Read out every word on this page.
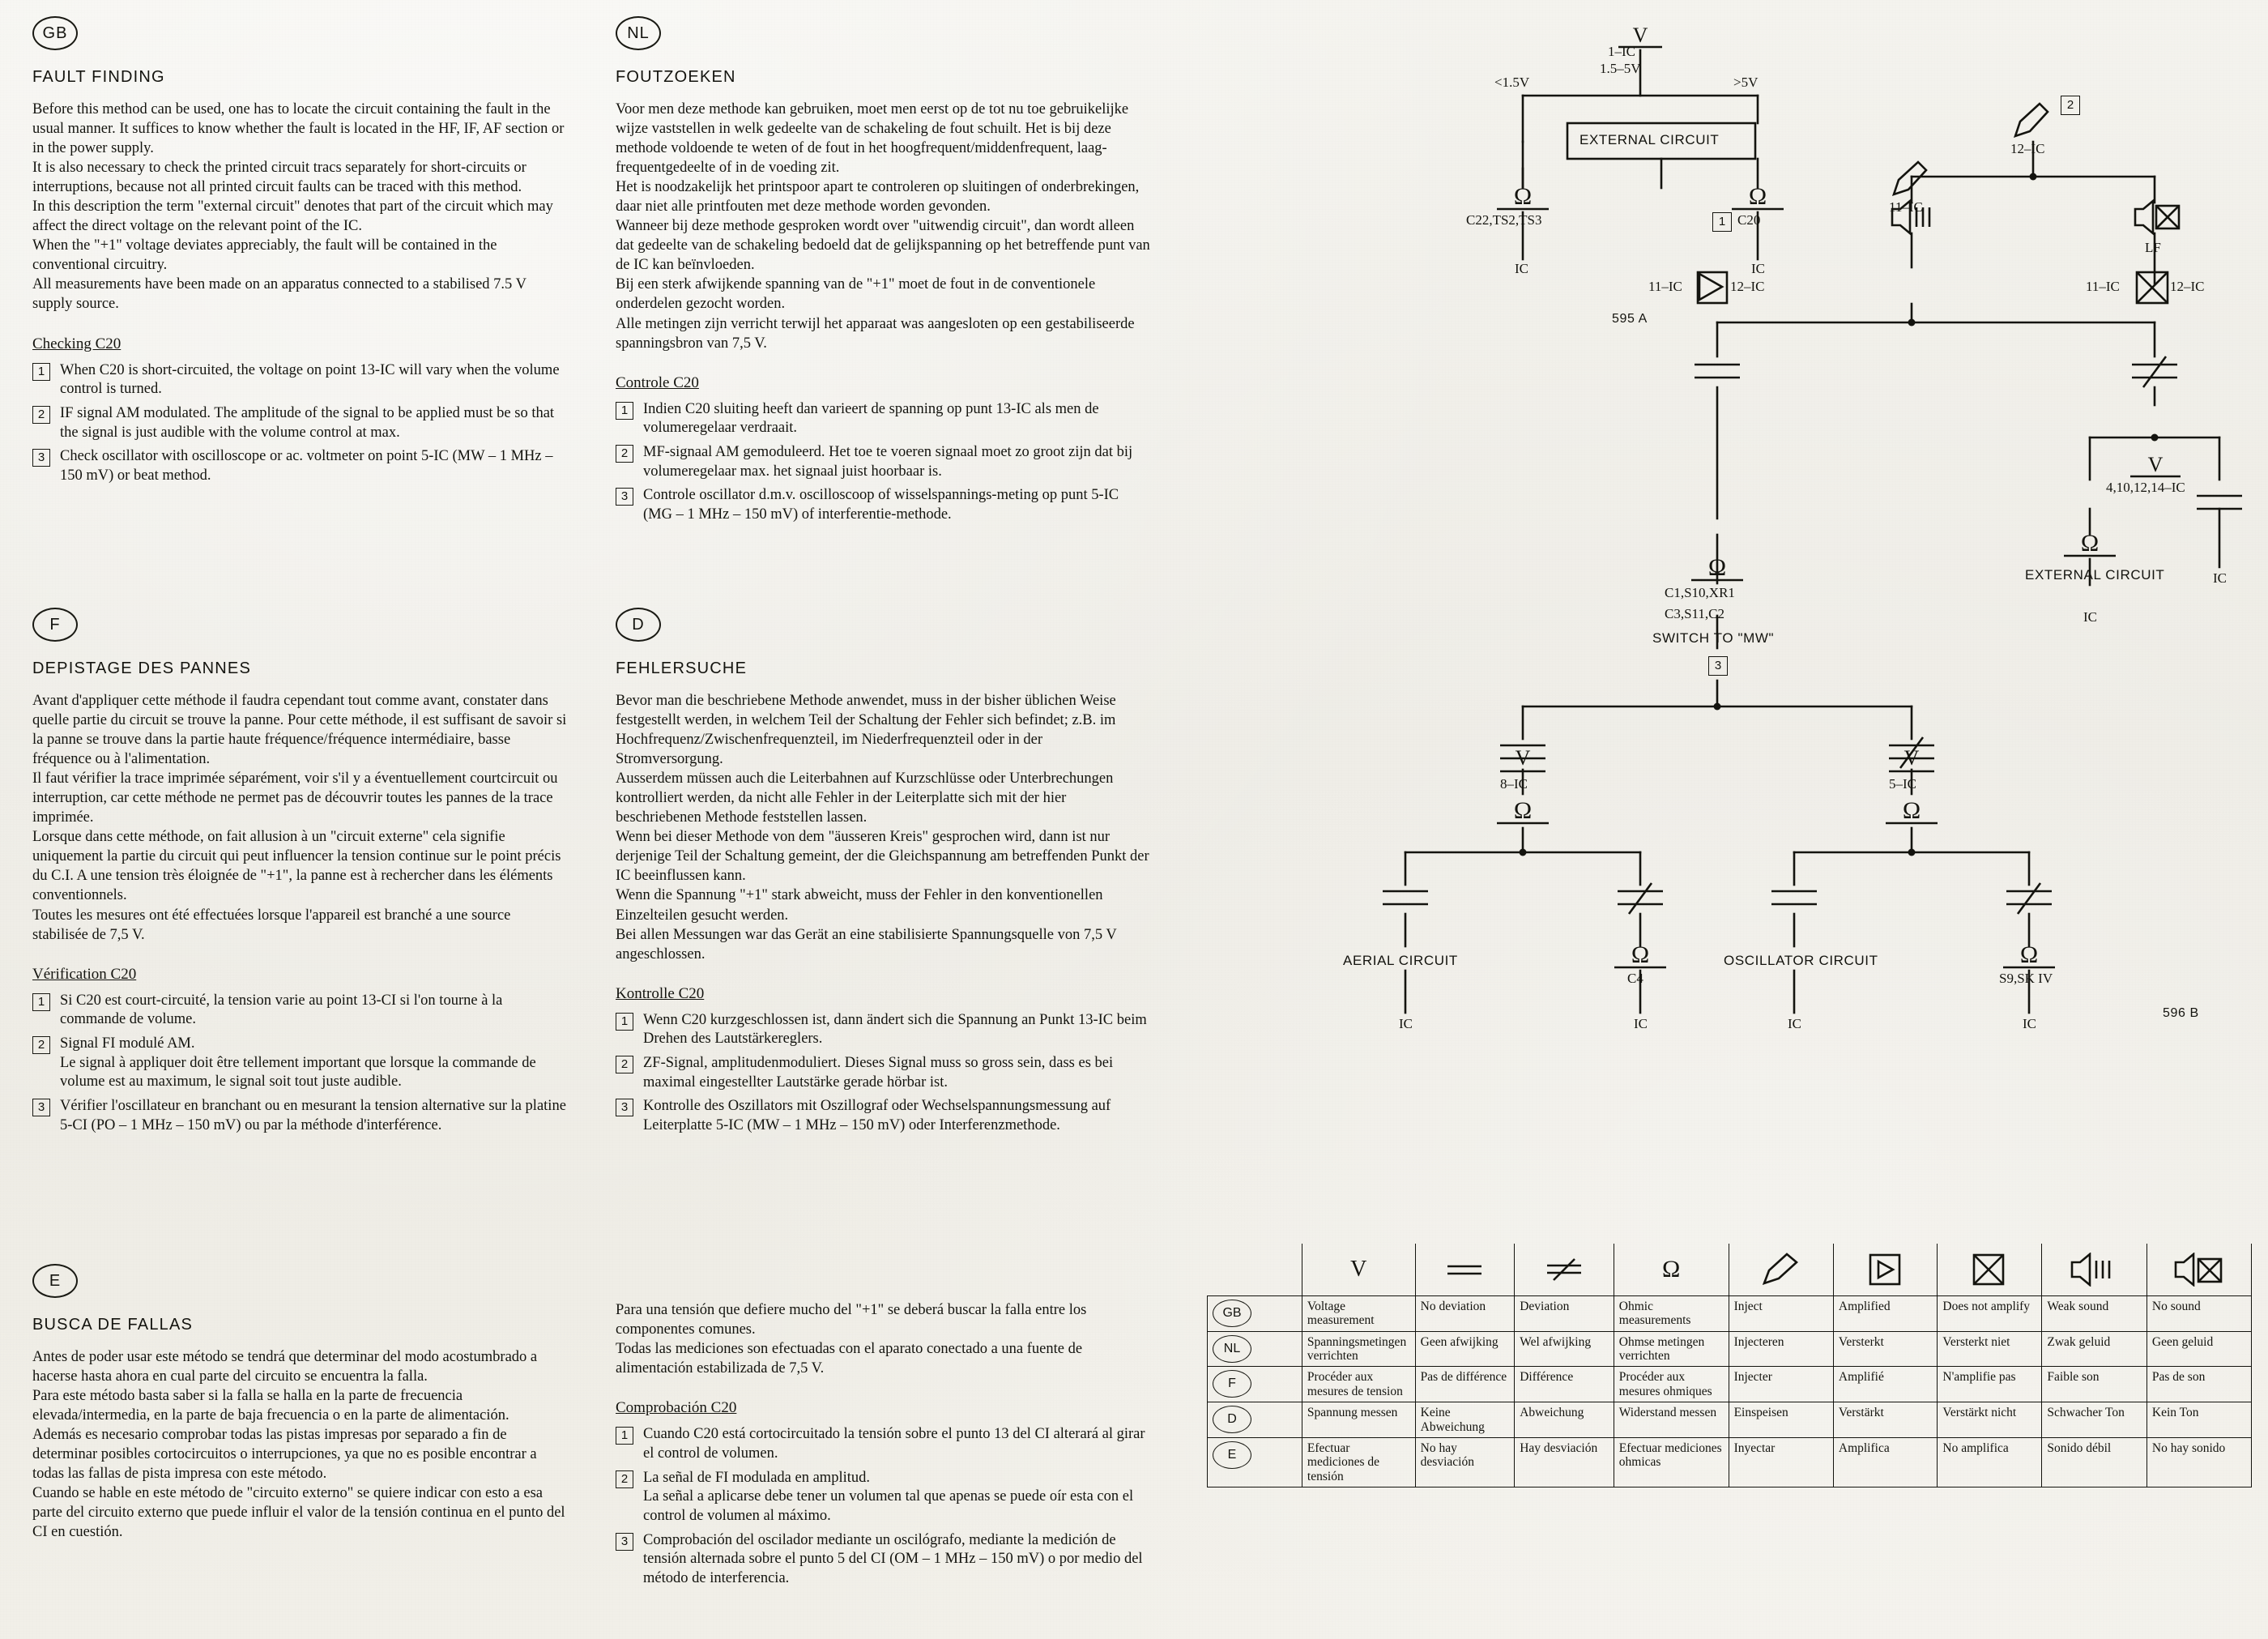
GB
FAULT FINDING

Before this method can be used, one has to locate the circuit containing the fault in the usual manner. It suffices to know whether the fault is located in the HF, IF, AF section or in the power supply.
It is also necessary to check the printed circuit tracs separately for short-circuits or interruptions, because not all printed circuit faults can be traced with this method.
In this description the term "external circuit" denotes that part of the circuit which may affect the direct voltage on the relevant point of the IC.
When the "+1" voltage deviates appreciably, the fault will be contained in the conventional circuitry.
All measurements have been made on an apparatus connected to a stabilised 7.5 V supply source.

Checking C20
1	When C20 is short-circuited, the voltage on point 13-IC will vary when the volume control is turned.
2	IF signal AM modulated. The amplitude of the signal to be applied must be so that the signal is just audible with the volume control at max.
3	Check oscillator with oscilloscope or ac. voltmeter on point 5-IC (MW – 1 MHz – 150 mV) or beat method.
NL
FOUTZOEKEN

Voor men deze methode kan gebruiken, moet men eerst op de tot nu toe gebruikelijke wijze vaststellen in welk gedeelte van de schakeling de fout schuilt. Het is bij deze methode voldoende te weten of de fout in het hoogfrequent/middenfrequent, laag-frequentgedeelte of in de voeding zit.
Het is noodzakelijk het printspoor apart te controleren op sluitingen of onderbrekingen, daar niet alle printfouten met deze methode worden gevonden.
Wanneer bij deze methode gesproken wordt over "uitwendig circuit", dan wordt alleen dat gedeelte van de schakeling bedoeld dat de gelijkspanning op het betreffende punt van de IC kan beïnvloeden.
Bij een sterk afwijkende spanning van de "+1" moet de fout in de conventionele onderdelen gezocht worden.
Alle metingen zijn verricht terwijl het apparaat was aangesloten op een gestabiliseerde spanningsbron van 7,5 V.

Controle C20
1	Indien C20 sluiting heeft dan varieert de spanning op punt 13-IC als men de volumeregelaar verdraait.
2	MF-signaal AM gemoduleerd. Het toe te voeren signaal moet zo groot zijn dat bij volumeregelaar max. het signaal juist hoorbaar is.
3	Controle oscillator d.m.v. oscilloscoop of wisselspannings-meting op punt 5-IC (MG – 1 MHz – 150 mV) of interferentie-methode.
F
DEPISTAGE DES PANNES

Avant d'appliquer cette méthode il faudra cependant tout comme avant, constater dans quelle partie du circuit se trouve la panne. Pour cette méthode, il est suffisant de savoir si la panne se trouve dans la partie haute fréquence/fréquence intermédiaire, basse fréquence ou à l'alimentation.
Il faut vérifier la trace imprimée séparément, voir s'il y a éventuellement courtcircuit ou interruption, car cette méthode ne permet pas de découvrir toutes les pannes de la trace imprimée.
Lorsque dans cette méthode, on fait allusion à un "circuit externe" cela signifie uniquement la partie du circuit qui peut influencer la tension continue sur le point précis du C.I. A une tension très éloignée de "+1", la panne est à rechercher dans les éléments conventionnels.
Toutes les mesures ont été effectuées lorsque l'appareil est branché a une source stabilisée de 7,5 V.

Vérification C20
1	Si C20 est court-circuité, la tension varie au point 13-CI si l'on tourne à la commande de volume.
2	Signal FI modulé AM.
Le signal à appliquer doit être tellement important que lorsque la commande de volume est au maximum, le signal soit tout juste audible.
3	Vérifier l'oscillateur en branchant ou en mesurant la tension alternative sur la platine 5-CI (PO – 1 MHz – 150 mV) ou par la méthode d'interférence.
D
FEHLERSUCHE

Bevor man die beschriebene Methode anwendet, muss in der bisher üblichen Weise festgestellt werden, in welchem Teil der Schaltung der Fehler sich befindet; z.B. im Hochfrequenz/Zwischenfrequenzteil, im Niederfrequenzteil oder in der Stromversorgung.
Ausserdem müssen auch die Leiterbahnen auf Kurzschlüsse oder Unterbrechungen kontrolliert werden, da nicht alle Fehler in der Leiterplatte sich mit der hier beschriebenen Methode feststellen lassen.
Wenn bei dieser Methode von dem "äusseren Kreis" gesprochen wird, dann ist nur derjenige Teil der Schaltung gemeint, der die Gleichspannung am betreffenden Punkt der IC beeinflussen kann.
Wenn die Spannung "+1" stark abweicht, muss der Fehler in den konventionellen Einzelteilen gesucht werden.
Bei allen Messungen war das Gerät an eine stabilisierte Spannungsquelle von 7,5 V angeschlossen.

Kontrolle C20
1	Wenn C20 kurzgeschlossen ist, dann ändert sich die Spannung an Punkt 13-IC beim Drehen des Lautstärkereglers.
2	ZF-Signal, amplitudenmoduliert. Dieses Signal muss so gross sein, dass es bei maximal eingestellter Lautstärke gerade hörbar ist.
3	Kontrolle des Oszillators mit Oszillograf oder Wechselspannungsmessung auf Leiterplatte 5-IC (MW – 1 MHz – 150 mV) oder Interferenzmethode.
E
BUSCA DE FALLAS

Antes de poder usar este método se tendrá que determinar del modo acostumbrado a hacerse hasta ahora en cual parte del circuito se encuentra la falla.
Para este método basta saber si la falla se halla en la parte de frecuencia elevada/intermedia, en la parte de baja frecuencia o en la parte de alimentación.
Además es necesario comprobar todas las pistas impresas por separado a fin de determinar posibles cortocircuitos o interrupciones, ya que no es posible encontrar a todas las fallas de pista impresa con este método.
Cuando se hable en este método de "circuito externo" se quiere indicar con esto a esa parte del circuito externo que puede influir el valor de la tensión continua en el punto del CI en cuestión.

Para una tensión que defiere mucho del "+1" se deberá buscar la falla entre los componentes comunes.
Todas las mediciones son efectuadas con el aparato conectado a una fuente de alimentación estabilizada de 7,5 V.

Comprobación C20
1	Cuando C20 está cortocircuitado la tensión sobre el punto 13 del CI alterará al girar el control de volumen.
2	La señal de FI modulada en amplitud.
La señal a aplicarse debe tener un volumen tal que apenas se puede oír esta con el control de volumen al máximo.
3	Comprobación del oscilador mediante un oscilógrafo, mediante la medición de tensión alternada sobre el punto 5 del CI (OM – 1 MHz – 150 mV) o por medio del método de interferencia.
Ω	Ω
Ω
Ω
Ω	Ω
Ω	Ω
V
V
V	V
1–IC
1.5–5V
<1.5V	>5V
EXTERNAL CIRCUIT
C22,TS2,TS3
IC
1 C20
IC
595 A
2
12–IC
11–IC
LF
11–IC	12–IC	11–IC	12–IC
4,10,12,14–IC
EXTERNAL CIRCUIT
IC
IC
C1,S10,XR1
C3,S11,C2
SWITCH TO "MW"
3
8–IC	5–IC
AERIAL CIRCUIT
IC
C4
IC
OSCILLATOR CIRCUIT
IC
S9,SK IV
IC
596 B

V			Ω

GB	Voltage measurement	No deviation	Deviation	Ohmic measurements	Inject	Amplified	Does not amplify	Weak sound	No sound
NL	Spanningsmetingen verrichten	Geen afwijking	Wel afwijking	Ohmse metingen verrichten	Injecteren	Versterkt	Versterkt niet	Zwak geluid	Geen geluid
F	Procéder aux mesures de tension	Pas de différence	Différence	Procéder aux mesures ohmiques	Injecter	Amplifié	N'amplifie pas	Faible son	Pas de son
D	Spannung messen	Keine Abweichung	Abweichung	Widerstand messen	Einspeisen	Verstärkt	Verstärkt nicht	Schwacher Ton	Kein Ton
E	Efectuar mediciones de tensión	No hay desviación	Hay desviación	Efectuar mediciones ohmicas	Inyectar	Amplifica	No amplifica	Sonido débil	No hay sonido
